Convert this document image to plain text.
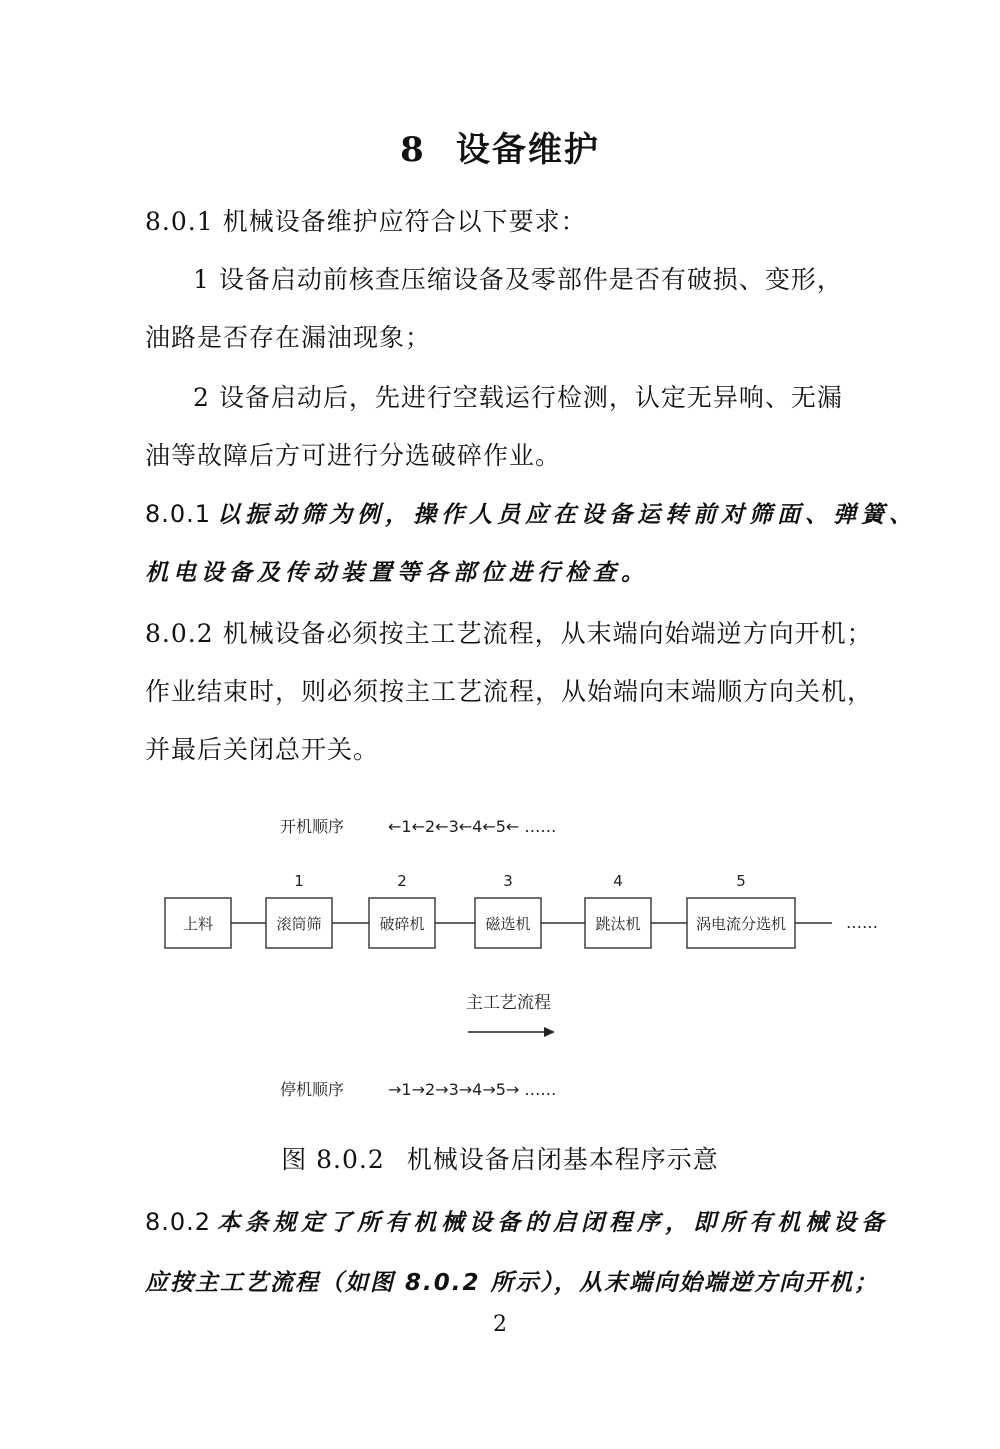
8 设备维护
8.0.1 机械设备维护应符合以下要求：
1 设备启动前核查压缩设备及零部件是否有破损、变形，
油路是否存在漏油现象；
2 设备启动后，先进行空载运行检测，认定无异响、无漏
油等故障后方可进行分选破碎作业。
8.0.1 以振动筛为例，操作人员应在设备运转前对筛面、弹簧、
机电设备及传动装置等各部位进行检查。
8.0.2 机械设备必须按主工艺流程，从末端向始端逆方向开机；
作业结束时，则必须按主工艺流程，从始端向末端顺方向关机，
并最后关闭总开关。
开机顺序	←1←2←3←4←5← ……
上料	滚筒筛
1
破碎机
2
磁选机
3
跳汰机
4
涡电流分选机
5
……
主工艺流程
停机顺序	→1→2→3→4→5→ ……
图 8.0.2 机械设备启闭基本程序示意
8.0.2 本条规定了所有机械设备的启闭程序，即所有机械设备
应按主工艺流程（如图 8.0.2 所示），从末端向始端逆方向开机；
2
